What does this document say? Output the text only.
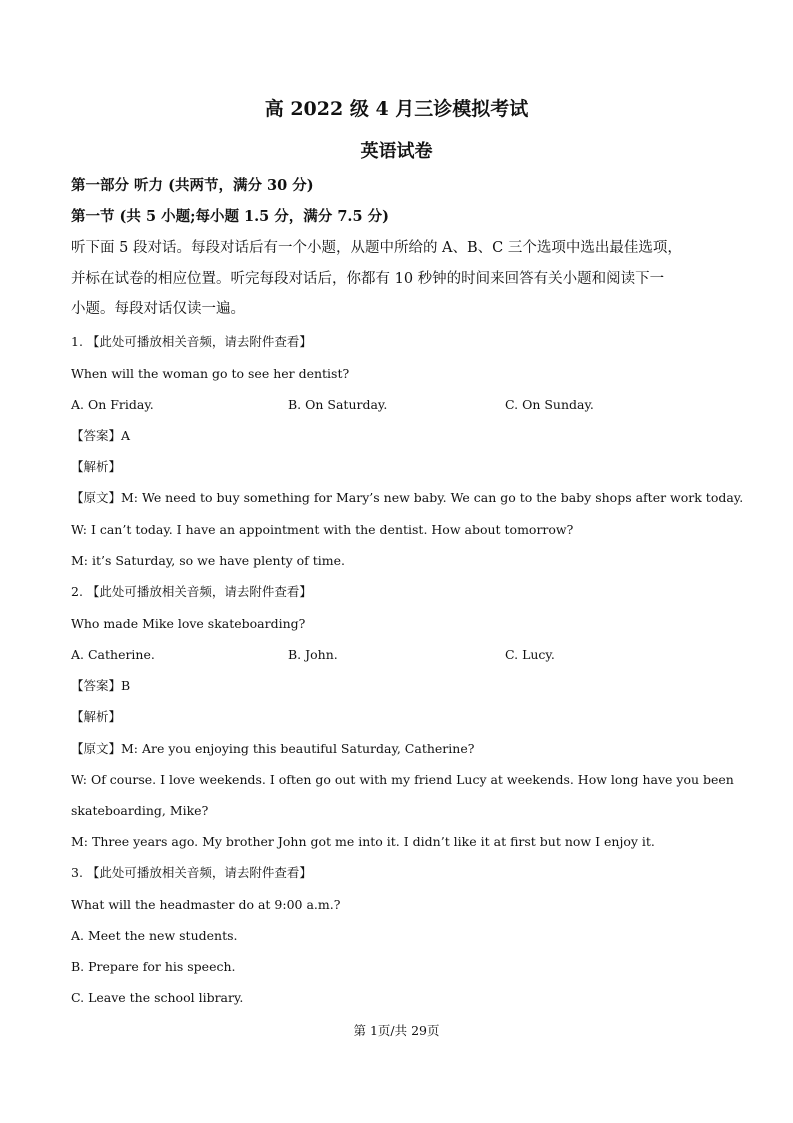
高 2022 级 4 月三诊模拟考试
英语试卷
第一部分 听力 (共两节，满分 30 分)
第一节 (共 5 小题;每小题 1.5 分，满分 7.5 分)
听下面 5 段对话。每段对话后有一个小题，从题中所给的 A、B、C 三个选项中选出最佳选项，
并标在试卷的相应位置。听完每段对话后，你都有 10 秒钟的时间来回答有关小题和阅读下一
小题。每段对话仅读一遍。
1. 【此处可播放相关音频，请去附件查看】
When will the woman go to see her dentist?
A. On Friday.	B. On Saturday.	C. On Sunday.
【答案】A
【解析】
【原文】M: We need to buy something for Mary’s new baby. We can go to the baby shops after work today.
W: I can’t today. I have an appointment with the dentist. How about tomorrow?
M: it’s Saturday, so we have plenty of time.
2. 【此处可播放相关音频，请去附件查看】
Who made Mike love skateboarding?
A. Catherine.	B. John.	C. Lucy.
【答案】B
【解析】
【原文】M: Are you enjoying this beautiful Saturday, Catherine?
W: Of course. I love weekends. I often go out with my friend Lucy at weekends. How long have you been
skateboarding, Mike?
M: Three years ago. My brother John got me into it. I didn’t like it at first but now I enjoy it.
3. 【此处可播放相关音频，请去附件查看】
What will the headmaster do at 9:00 a.m.?
A. Meet the new students.
B. Prepare for his speech.
C. Leave the school library.
第 1页/共 29页
